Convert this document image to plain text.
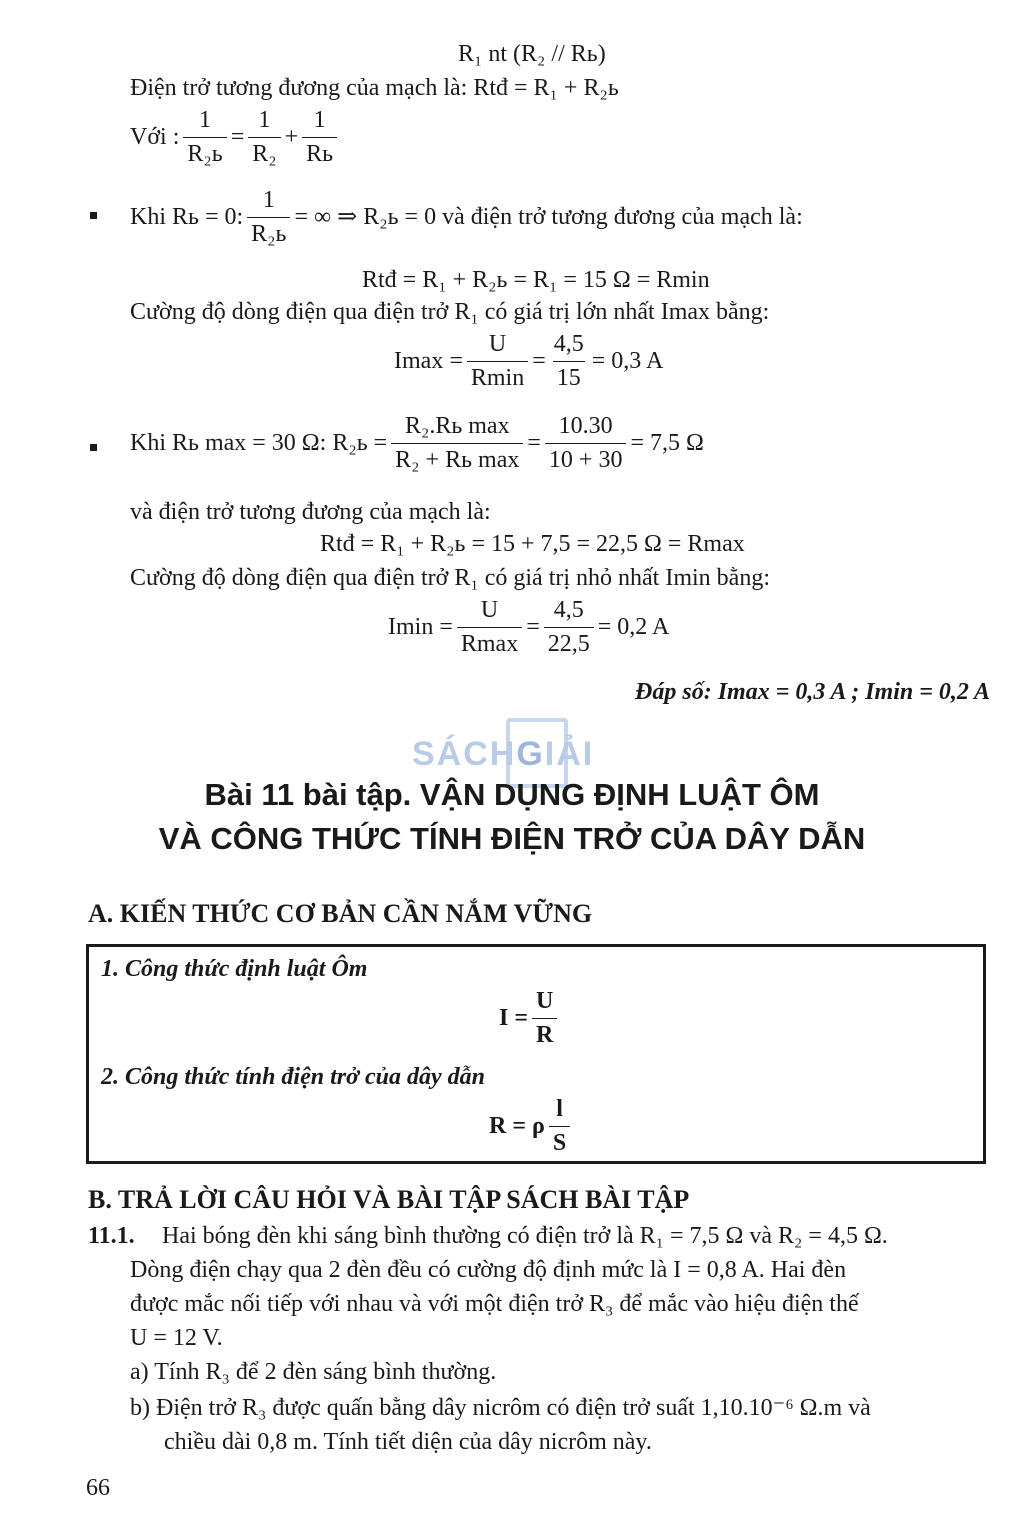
R₁ nt (R₂ // Rь)
Điện trở tương đương của mạch là: Rtđ = R₁ + R₂ь
Với : $\frac{1}{\text{R₂ь}} = \frac{1}{\text{R₂}} + \frac{1}{Rь}$
Khi Rь = 0: $\frac{1}{\text{R₂ь}}$ = ∞ ⇒ R₂ь = 0 và điện trở tương đương của mạch là:
Rtđ = R₁ + R₂ь = R₁ = 15 Ω = Rmin
Cường độ dòng điện qua điện trở R₁ có giá trị lớn nhất Imax bằng:
$Imax = \frac{U}{Rmin} = \frac{4,5}{15} = 0,3$ A
Khi Rь max = 30 Ω: $R_2ь = \frac{\text{R₂.Rь max}}{\text{R₂ + Rь max}} = \frac{10.30}{10 + 30} = 7,5$ Ω
và điện trở tương đương của mạch là:
Rtđ = R₁ + R₂ь = 15 + 7,5 = 22,5 Ω = Rmax
Cường độ dòng điện qua điện trở R₁ có giá trị nhỏ nhất Imin bằng:
$Imin = \frac{U}{Rmax} = \frac{4,5}{22,5} = 0,2$ A
Đáp số: Imax = 0,3 A ; Imin = 0,2 A
SÁCHGIẢI
Bài 11 bài tập. VẬN DỤNG ĐỊNH LUẬT ÔM
VÀ CÔNG THỨC TÍNH ĐIỆN TRỞ CỦA DÂY DẪN
A. KIẾN THỨC CƠ BẢN CẦN NẮM VỮNG
1. Công thức định luật Ôm
$I = \frac{U}{R}$
2. Công thức tính điện trở của dây dẫn
R = ρ $\frac{l}{S}$
B. TRẢ LỜI CÂU HỎI VÀ BÀI TẬP SÁCH BÀI TẬP
11.1. Hai bóng đèn khi sáng bình thường có điện trở là R₁ = 7,5 Ω và R₂ = 4,5 Ω.
Dòng điện chạy qua 2 đèn đều có cường độ định mức là I = 0,8 A. Hai đèn
được mắc nối tiếp với nhau và với một điện trở R₃ để mắc vào hiệu điện thế
U = 12 V.
a) Tính R₃ để 2 đèn sáng bình thường.
b) Điện trở R₃ được quấn bằng dây nicrôm có điện trở suất 1,10.10⁻⁶ Ω.m và
chiều dài 0,8 m. Tính tiết diện của dây nicrôm này.
66
